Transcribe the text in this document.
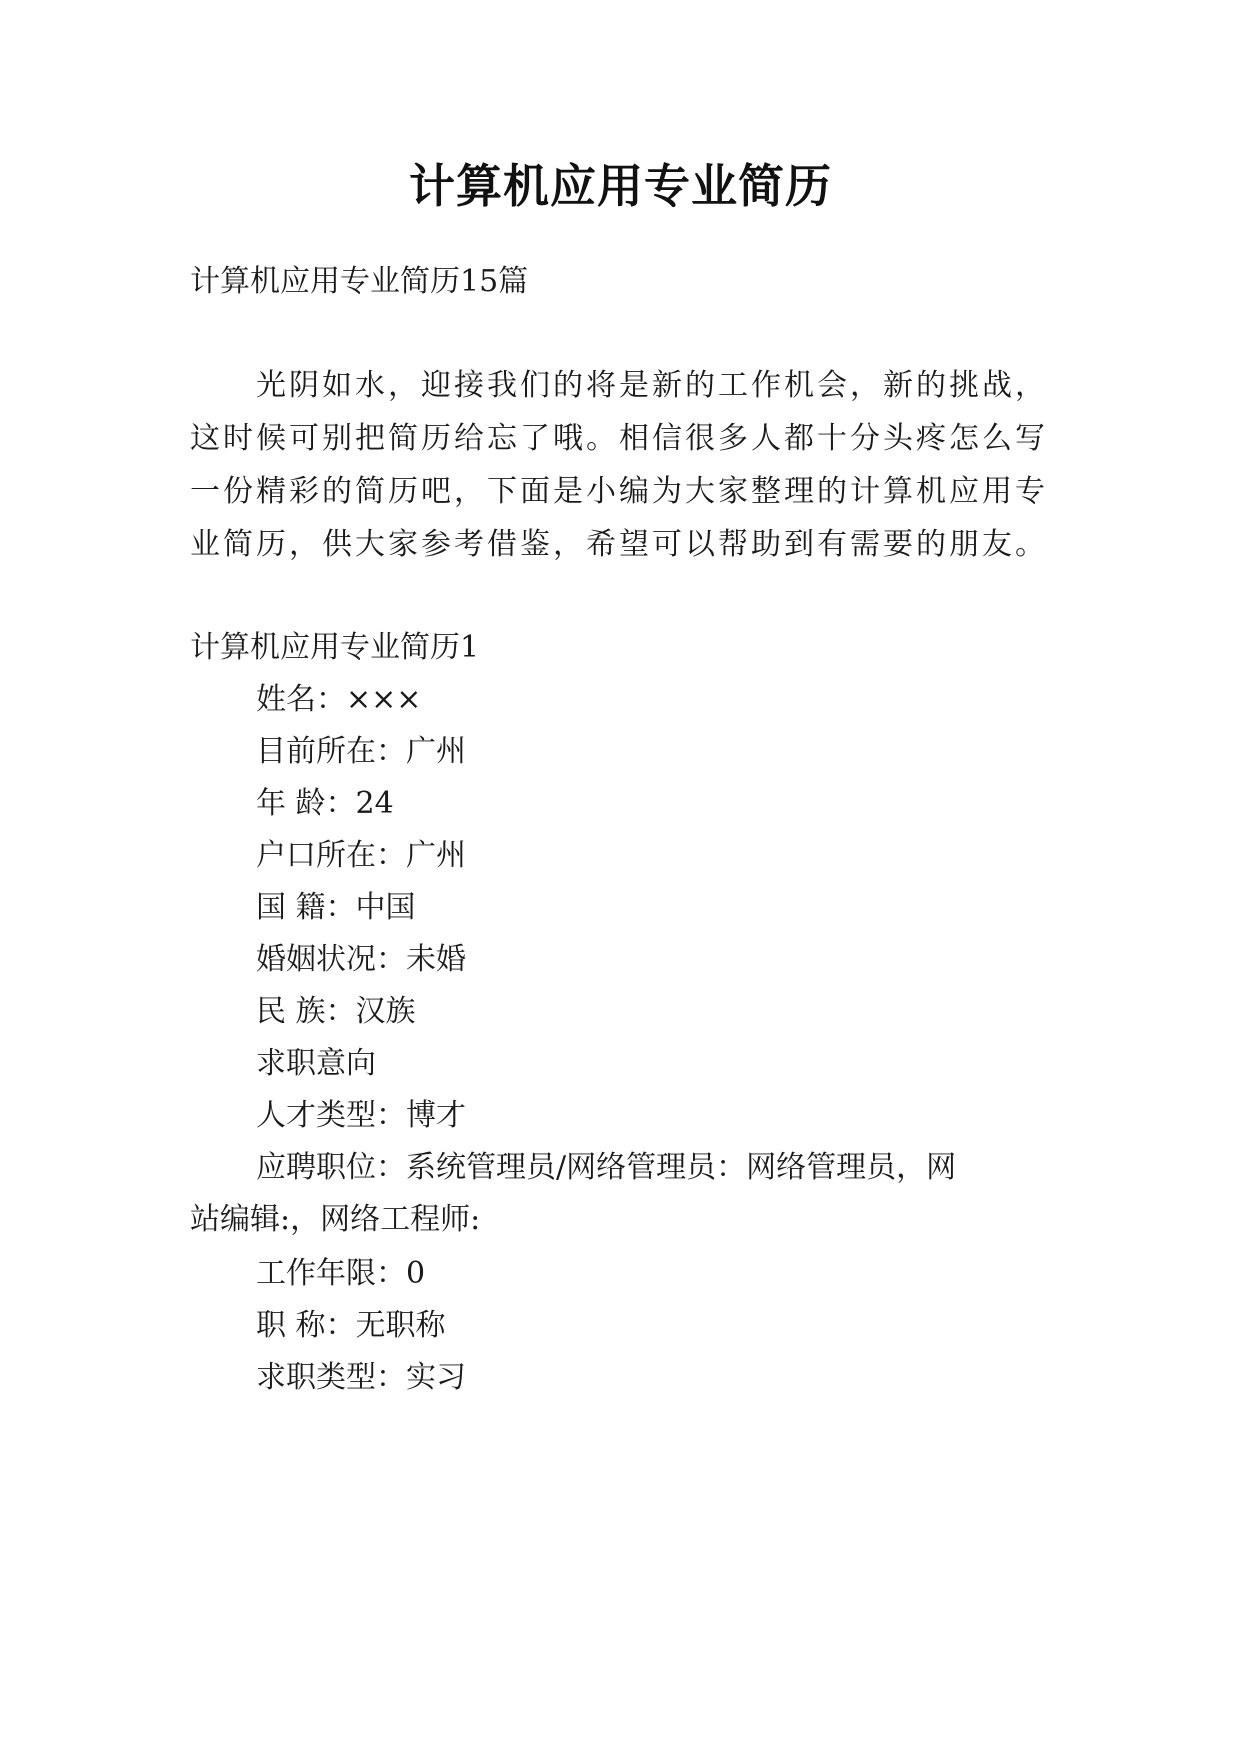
计算机应用专业简历
计算机应用专业简历15篇
光阴如水，迎接我们的将是新的工作机会，新的挑战，
这时候可别把简历给忘了哦。相信很多人都十分头疼怎么写
一份精彩的简历吧，下面是小编为大家整理的计算机应用专
业简历，供大家参考借鉴，希望可以帮助到有需要的朋友。
计算机应用专业简历1
姓名：×××
目前所在：广州
年 龄：24
户口所在：广州
国 籍：中国
婚姻状况：未婚
民 族：汉族
求职意向
人才类型：博才
应聘职位：系统管理员/网络管理员：网络管理员，网
站编辑:，网络工程师:
工作年限：0
职 称：无职称
求职类型：实习
